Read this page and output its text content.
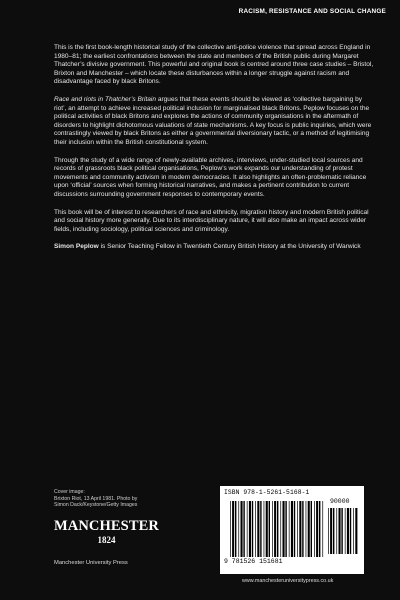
RACISM, RESISTANCE AND SOCIAL CHANGE

This is the first book-length historical study of the collective anti-police violence that spread across England in 1980–81; the earliest confrontations between the state and members of the British public during Margaret Thatcher’s divisive government. This powerful and original book is centred around three case studies – Bristol, Brixton and Manchester – which locate these disturbances within a longer struggle against racism and disadvantage faced by black Britons.

Race and riots in Thatcher’s Britain argues that these events should be viewed as ‘collective bargaining by riot’, an attempt to achieve increased political inclusion for marginalised black Britons. Peplow focuses on the political activities of black Britons and explores the actions of community organisations in the aftermath of disorders to highlight dichotomous valuations of state mechanisms. A key focus is public inquiries, which were contrastingly viewed by black Britons as either a governmental diversionary tactic, or a method of legitimising their inclusion within the British constitutional system.

Through the study of a wide range of newly-available archives, interviews, under-studied local sources and records of grassroots black political organisations, Peplow’s work expands our understanding of protest movements and community activism in modern democracies. It also highlights an often-problematic reliance upon ‘official’ sources when forming historical narratives, and makes a pertinent contribution to current discussions surrounding government responses to contemporary events.

This book will be of interest to researchers of race and ethnicity, migration history and modern British political and social history more generally. Due to its interdisciplinary nature, it will also make an impact across wider fields, including sociology, political sciences and criminology.

Simon Peplow is Senior Teaching Fellow in Twentieth Century British History at the University of Warwick

Cover image:
Brixton Riot, 13 April 1981. Photo by
Simon Dack/Keystone/Getty Images
MANCHESTER
1824
Manchester University Press
ISBN 978-1-5261-5168-1
90000
9 781526 151681
www.manchesteruniversitypress.co.uk
